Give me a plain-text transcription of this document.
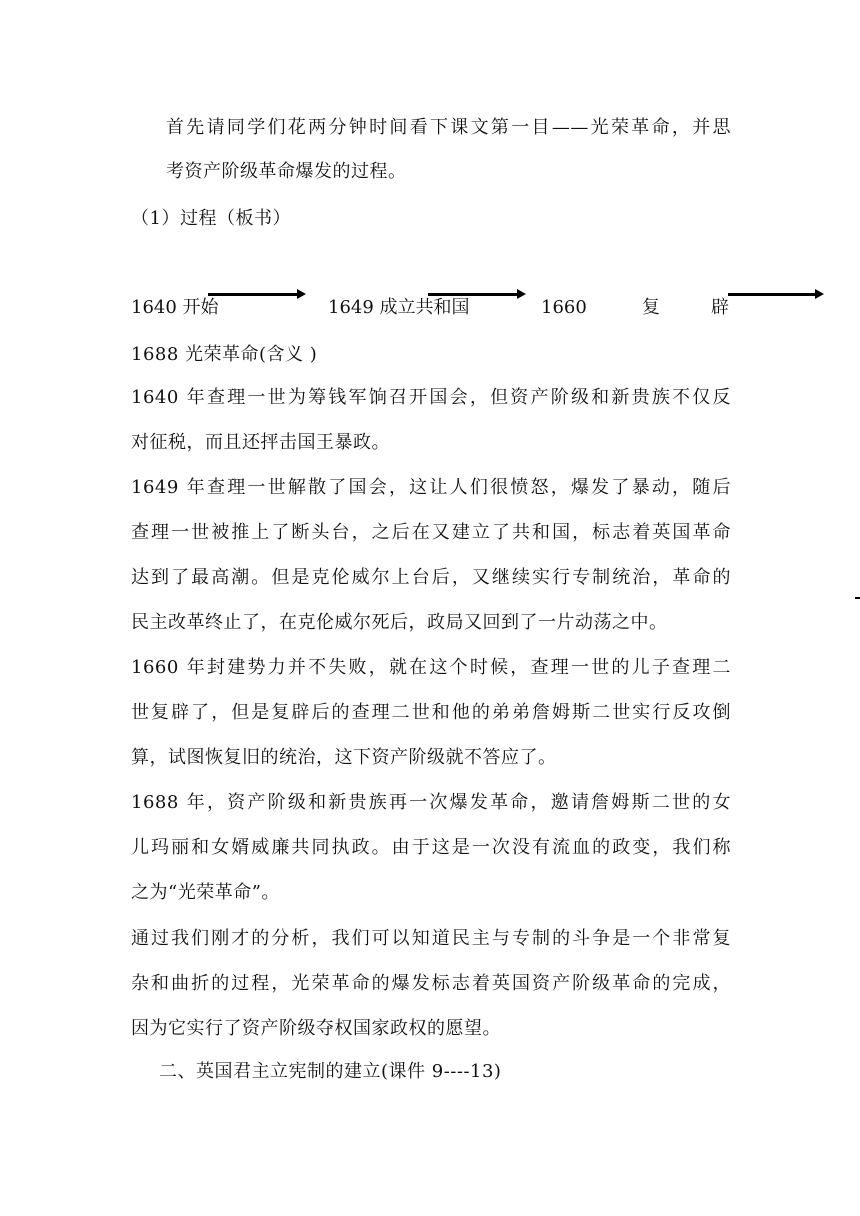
首先请同学们花两分钟时间看下课文第一目——光荣革命，并思
考资产阶级革命爆发的过程。
（1）过程（板书）
1640 开始	1649 成立共和国	1660	复	辟
1688 光荣革命(含义 )
1640 年查理一世为筹钱军饷召开国会，但资产阶级和新贵族不仅反
对征税，而且还抨击国王暴政。
1649 年查理一世解散了国会，这让人们很愤怒，爆发了暴动，随后
查理一世被推上了断头台，之后在又建立了共和国，标志着英国革命
达到了最高潮。但是克伦威尔上台后，又继续实行专制统治，革命的
民主改革终止了，在克伦威尔死后，政局又回到了一片动荡之中。
1660 年封建势力并不失败，就在这个时候，查理一世的儿子查理二
世复辟了，但是复辟后的查理二世和他的弟弟詹姆斯二世实行反攻倒
算，试图恢复旧的统治，这下资产阶级就不答应了。
1688 年，资产阶级和新贵族再一次爆发革命，邀请詹姆斯二世的女
儿玛丽和女婿威廉共同执政。由于这是一次没有流血的政变，我们称
之为“光荣革命”。
通过我们刚才的分析，我们可以知道民主与专制的斗争是一个非常复
杂和曲折的过程，光荣革命的爆发标志着英国资产阶级革命的完成，
因为它实行了资产阶级夺权国家政权的愿望。
二、英国君主立宪制的建立(课件 9----13)
